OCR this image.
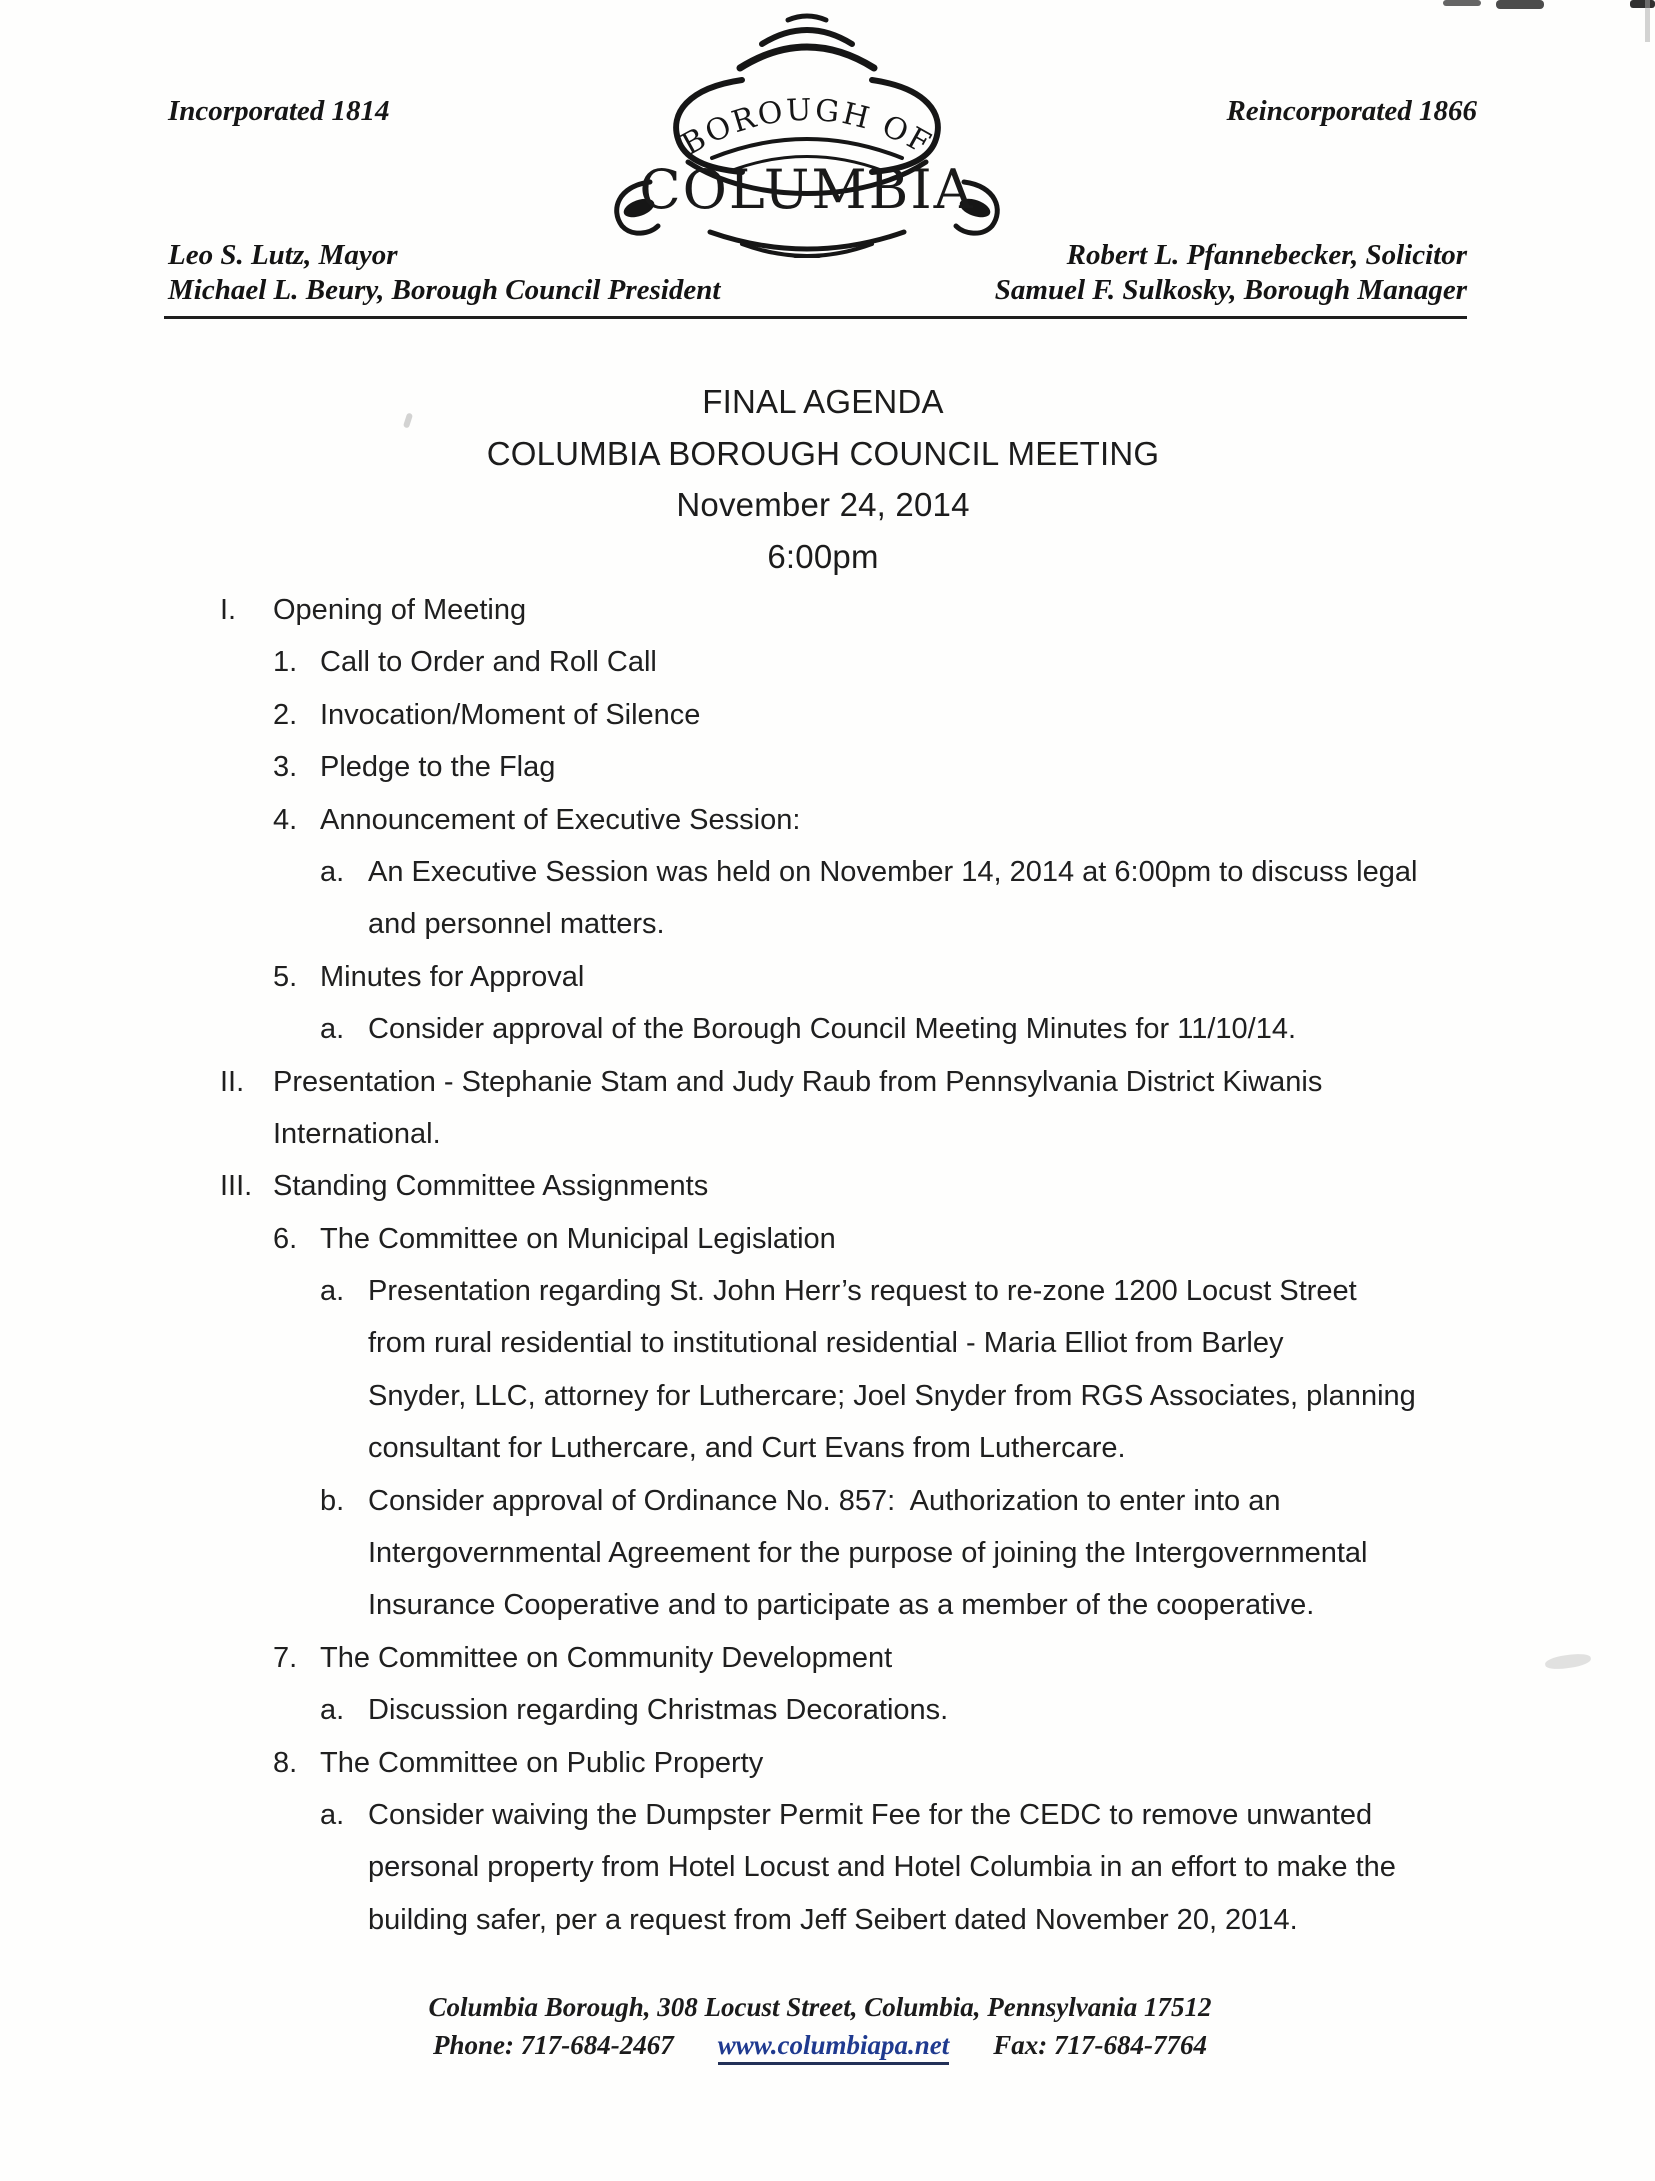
Incorporated 1814	Reincorporated 1866
BOROUGH OF
COLUMBIA
Leo S. Lutz, Mayor
Michael L. Beury, Borough Council President
Robert L. Pfannebecker, Solicitor
Samuel F. Sulkosky, Borough Manager
FINAL AGENDA
COLUMBIA BOROUGH COUNCIL MEETING
November 24, 2014
6:00pm
I. Opening of Meeting
1. Call to Order and Roll Call
2. Invocation/Moment of Silence
3. Pledge to the Flag
4. Announcement of Executive Session:
a. An Executive Session was held on November 14, 2014 at 6:00pm to discuss legal
and personnel matters.
5. Minutes for Approval
a. Consider approval of the Borough Council Meeting Minutes for 11/10/14.
II. Presentation - Stephanie Stam and Judy Raub from Pennsylvania District Kiwanis
International.
III. Standing Committee Assignments
6. The Committee on Municipal Legislation
a. Presentation regarding St. John Herr’s request to re-zone 1200 Locust Street
from rural residential to institutional residential - Maria Elliot from Barley
Snyder, LLC, attorney for Luthercare; Joel Snyder from RGS Associates, planning
consultant for Luthercare, and Curt Evans from Luthercare.
b. Consider approval of Ordinance No. 857:  Authorization to enter into an
Intergovernmental Agreement for the purpose of joining the Intergovernmental
Insurance Cooperative and to participate as a member of the cooperative.
7. The Committee on Community Development
a. Discussion regarding Christmas Decorations.
8. The Committee on Public Property
a. Consider waiving the Dumpster Permit Fee for the CEDC to remove unwanted
personal property from Hotel Locust and Hotel Columbia in an effort to make the
building safer, per a request from Jeff Seibert dated November 20, 2014.
Columbia Borough, 308 Locust Street, Columbia, Pennsylvania 17512
Phone: 717-684-2467 www.columbiapa.net Fax: 717-684-7764
